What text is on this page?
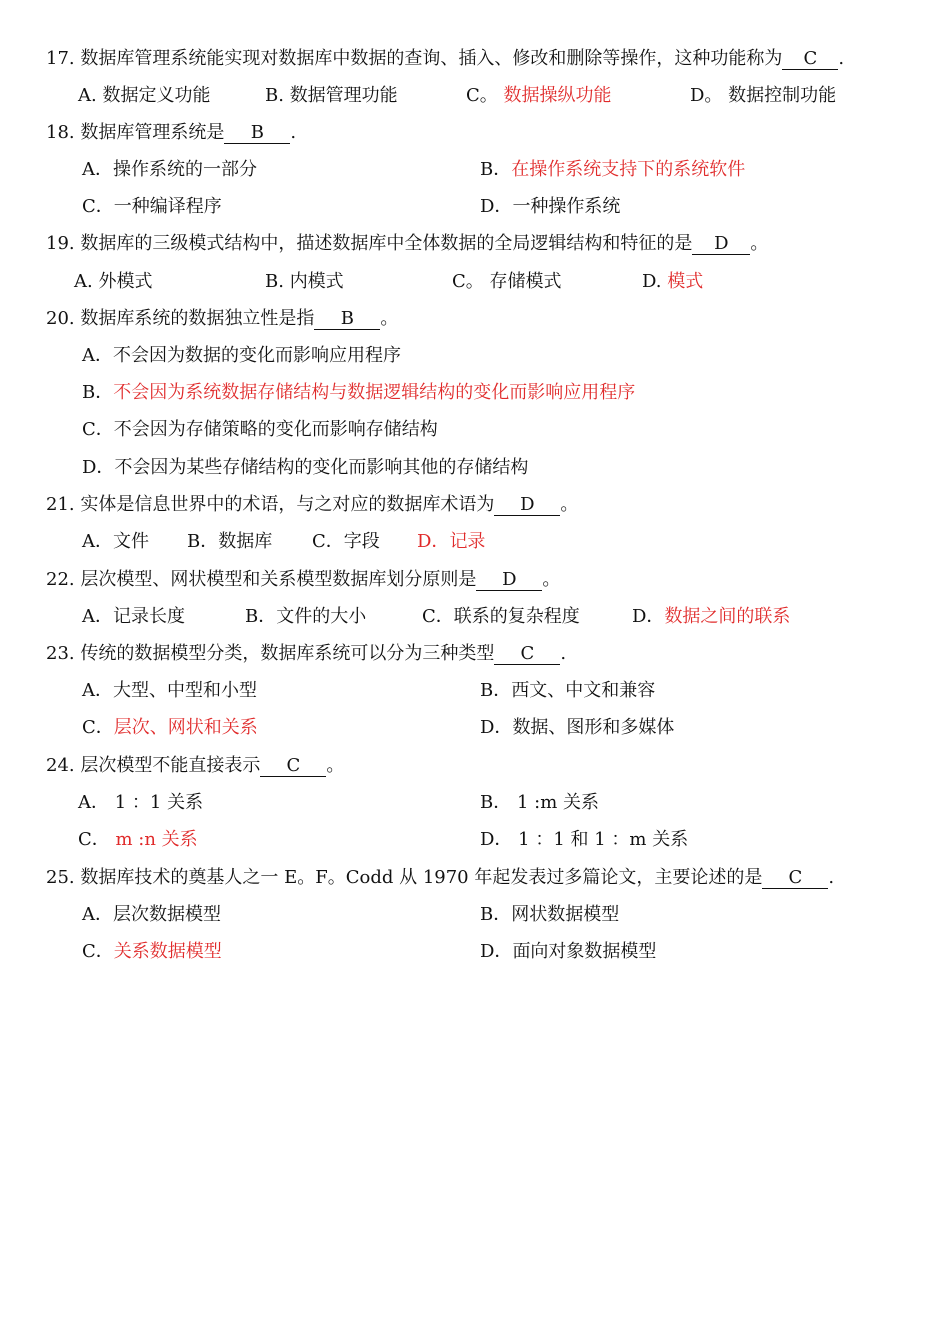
17. 数据库管理系统能实现对数据库中数据的查询、插入、修改和删除等操作，这种功能称为 C .
A. 数据定义功能	B. 数据管理功能	C。 数据操纵功能	D。 数据控制功能
18. 数据库管理系统是 B .
A．操作系统的一部分	B．在操作系统支持下的系统软件
C．一种编译程序	D．一种操作系统
19. 数据库的三级模式结构中，描述数据库中全体数据的全局逻辑结构和特征的是 D 。
A. 外模式	B. 内模式	C。 存储模式	D. 模式
20. 数据库系统的数据独立性是指 B 。
A．不会因为数据的变化而影响应用程序
B．不会因为系统数据存储结构与数据逻辑结构的变化而影响应用程序
C．不会因为存储策略的变化而影响存储结构
D．不会因为某些存储结构的变化而影响其他的存储结构
21. 实体是信息世界中的术语，与之对应的数据库术语为 D 。
A．文件 B．数据库 C．字段 D．记录
22. 层次模型、网状模型和关系模型数据库划分原则是 D 。
A．记录长度	B．文件的大小	C．联系的复杂程度	D．数据之间的联系
23. 传统的数据模型分类，数据库系统可以分为三种类型 C .
A．大型、中型和小型	B．西文、中文和兼容
C．层次、网状和关系	D．数据、图形和多媒体
24. 层次模型不能直接表示 C 。
A． 1 ：1 关系	B． 1 :m 关系
C． m :n 关系	D． 1 ：1 和 1 ：m 关系
25. 数据库技术的奠基人之一 E。F。Codd 从 1970 年起发表过多篇论文，主要论述的是 C .
A．层次数据模型	B．网状数据模型
C．关系数据模型	D．面向对象数据模型
